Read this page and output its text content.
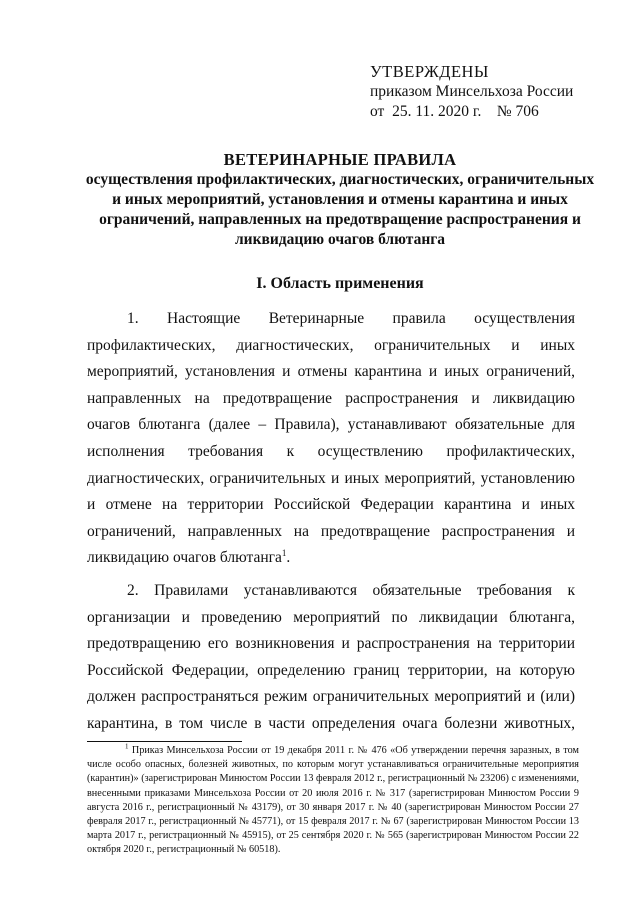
УТВЕРЖДЕНЫ
приказом Минсельхоза России
от  25. 11. 2020 г.    № 706
ВЕТЕРИНАРНЫЕ ПРАВИЛА
осуществления профилактических, диагностических, ограничительных и иных мероприятий, установления и отмены карантина и иных ограничений, направленных на предотвращение распространения и ликвидацию очагов блютанга
I. Область применения
1. Настоящие Ветеринарные правила осуществления профилактических, диагностических, ограничительных и иных мероприятий, установления и отмены карантина и иных ограничений, направленных на предотвращение распространения и ликвидацию очагов блютанга (далее – Правила), устанавливают обязательные для исполнения требования к осуществлению профилактических, диагностических, ограничительных и иных мероприятий, установлению и отмене на территории Российской Федерации карантина и иных ограничений, направленных на предотвращение распространения и ликвидацию очагов блютанга$^1$.
2. Правилами устанавливаются обязательные требования к организации и проведению мероприятий по ликвидации блютанга, предотвращению его возникновения и распространения на территории Российской Федерации, определению границ территории, на которую должен распространяться режим ограничительных мероприятий и (или) карантина, в том числе в части определения очага болезни животных,
$^1$ Приказ Минсельхоза России от 19 декабря 2011 г. № 476 «Об утверждении перечня заразных, в том числе особо опасных, болезней животных, по которым могут устанавливаться ограничительные мероприятия (карантин)» (зарегистрирован Минюстом России 13 февраля 2012 г., регистрационный № 23206) с изменениями, внесенными приказами Минсельхоза России от 20 июля 2016 г. № 317 (зарегистрирован Минюстом России 9 августа 2016 г., регистрационный № 43179), от 30 января 2017 г. № 40 (зарегистрирован Минюстом России 27 февраля 2017 г., регистрационный № 45771), от 15 февраля 2017 г. № 67 (зарегистрирован Минюстом России 13 марта 2017 г., регистрационный № 45915), от 25 сентября 2020 г. № 565 (зарегистрирован Минюстом России 22 октября 2020 г., регистрационный № 60518).
